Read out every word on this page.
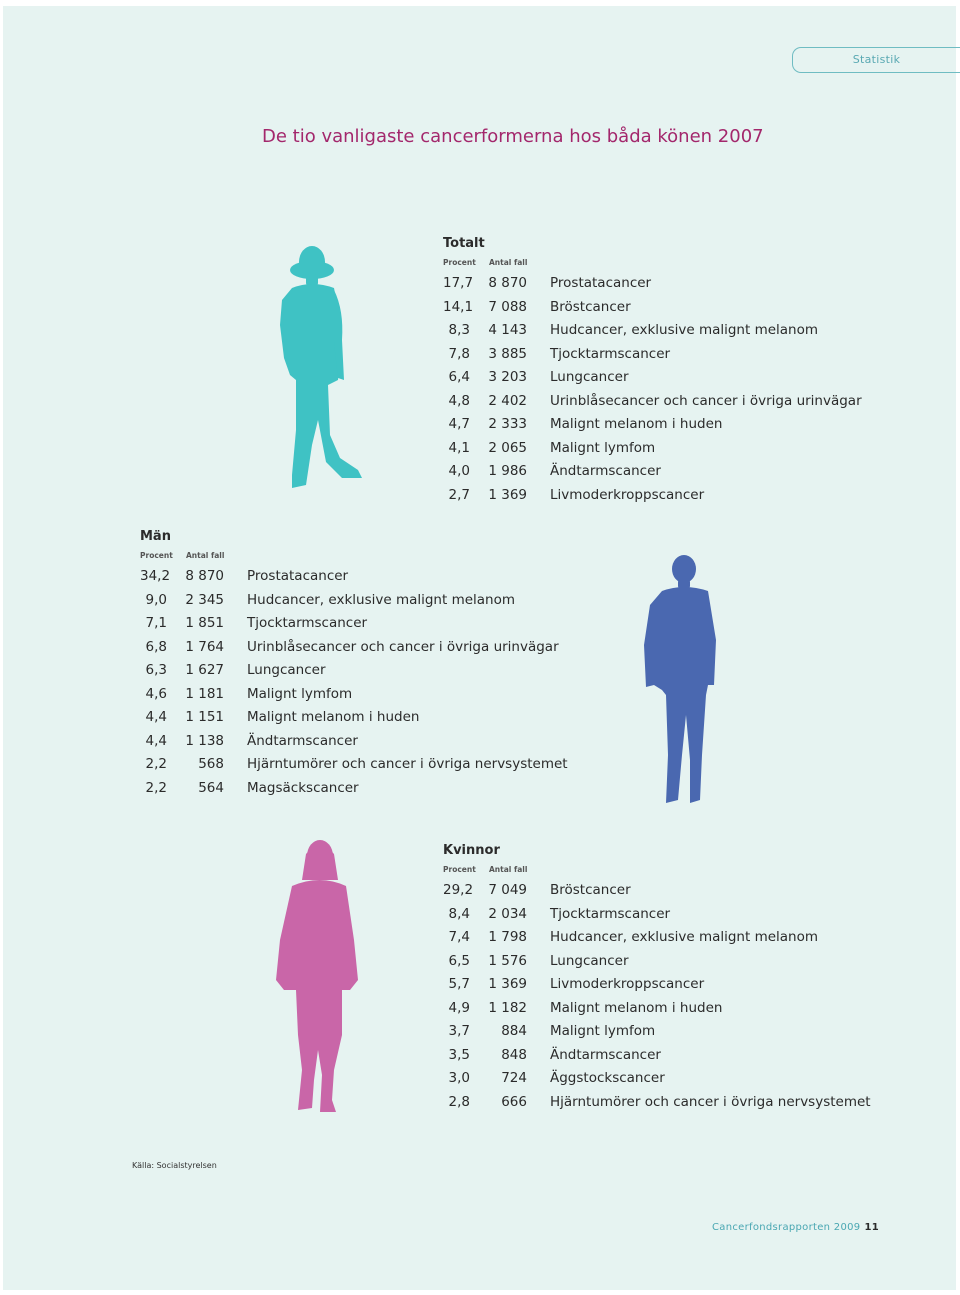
Statistik
De tio vanligaste cancerformerna hos båda könen 2007
Totalt
Procent Antal fall
17,7 8 870 Prostatacancer
14,1 7 088 Bröstcancer
8,3 4 143 Hudcancer, exklusive malignt melanom
7,8 3 885 Tjocktarmscancer
6,4 3 203 Lungcancer
4,8 2 402 Urinblåsecancer och cancer i övriga urinvägar
4,7 2 333 Malignt melanom i huden
4,1 2 065 Malignt lymfom
4,0 1 986 Ändtarmscancer
2,7 1 369 Livmoderkroppscancer
Män
Procent Antal fall
34,2 8 870 Prostatacancer
9,0 2 345 Hudcancer, exklusive malignt melanom
7,1 1 851 Tjocktarmscancer
6,8 1 764 Urinblåsecancer och cancer i övriga urinvägar
6,3 1 627 Lungcancer
4,6 1 181 Malignt lymfom
4,4 1 151 Malignt melanom i huden
4,4 1 138 Ändtarmscancer
2,2	568 Hjärntumörer och cancer i övriga nervsystemet
2,2	564 Magsäckscancer
Kvinnor
Procent Antal fall
29,2 7 049 Bröstcancer
8,4 2 034 Tjocktarmscancer
7,4 1 798 Hudcancer, exklusive malignt melanom
6,5 1 576 Lungcancer
5,7 1 369 Livmoderkroppscancer
4,9 1 182 Malignt melanom i huden
3,7	884 Malignt lymfom
3,5	848 Ändtarmscancer
3,0	724 Äggstockscancer
2,8	666 Hjärntumörer och cancer i övriga nervsystemet
Källa: Socialstyrelsen
Cancerfondsrapporten 2009 11
